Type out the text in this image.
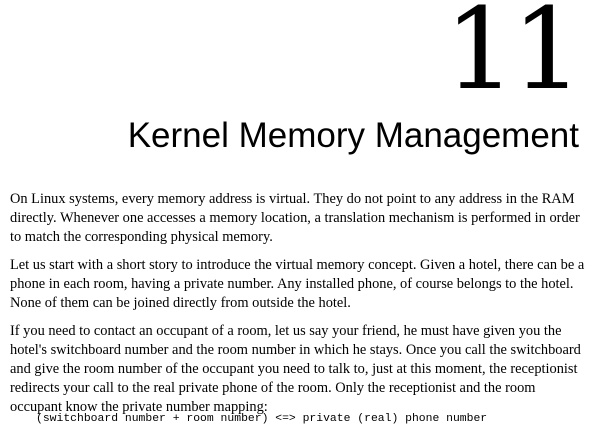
11
Kernel Memory Management

On Linux systems, every memory address is virtual. They do not point to any address in the RAM directly. Whenever one accesses a memory location, a translation mechanism is performed in order to match the corresponding physical memory.

Let us start with a short story to introduce the virtual memory concept. Given a hotel, there can be a phone in each room, having a private number. Any installed phone, of course belongs to the hotel. None of them can be joined directly from outside the hotel.

If you need to contact an occupant of a room, let us say your friend, he must have given you the hotel's switchboard number and the room number in which he stays. Once you call the switchboard and give the room number of the occupant you need to talk to, just at this moment, the receptionist redirects your call to the real private phone of the room. Only the receptionist and the room occupant know the private number mapping:

(switchboard number + room number) <=> private (real) phone number
